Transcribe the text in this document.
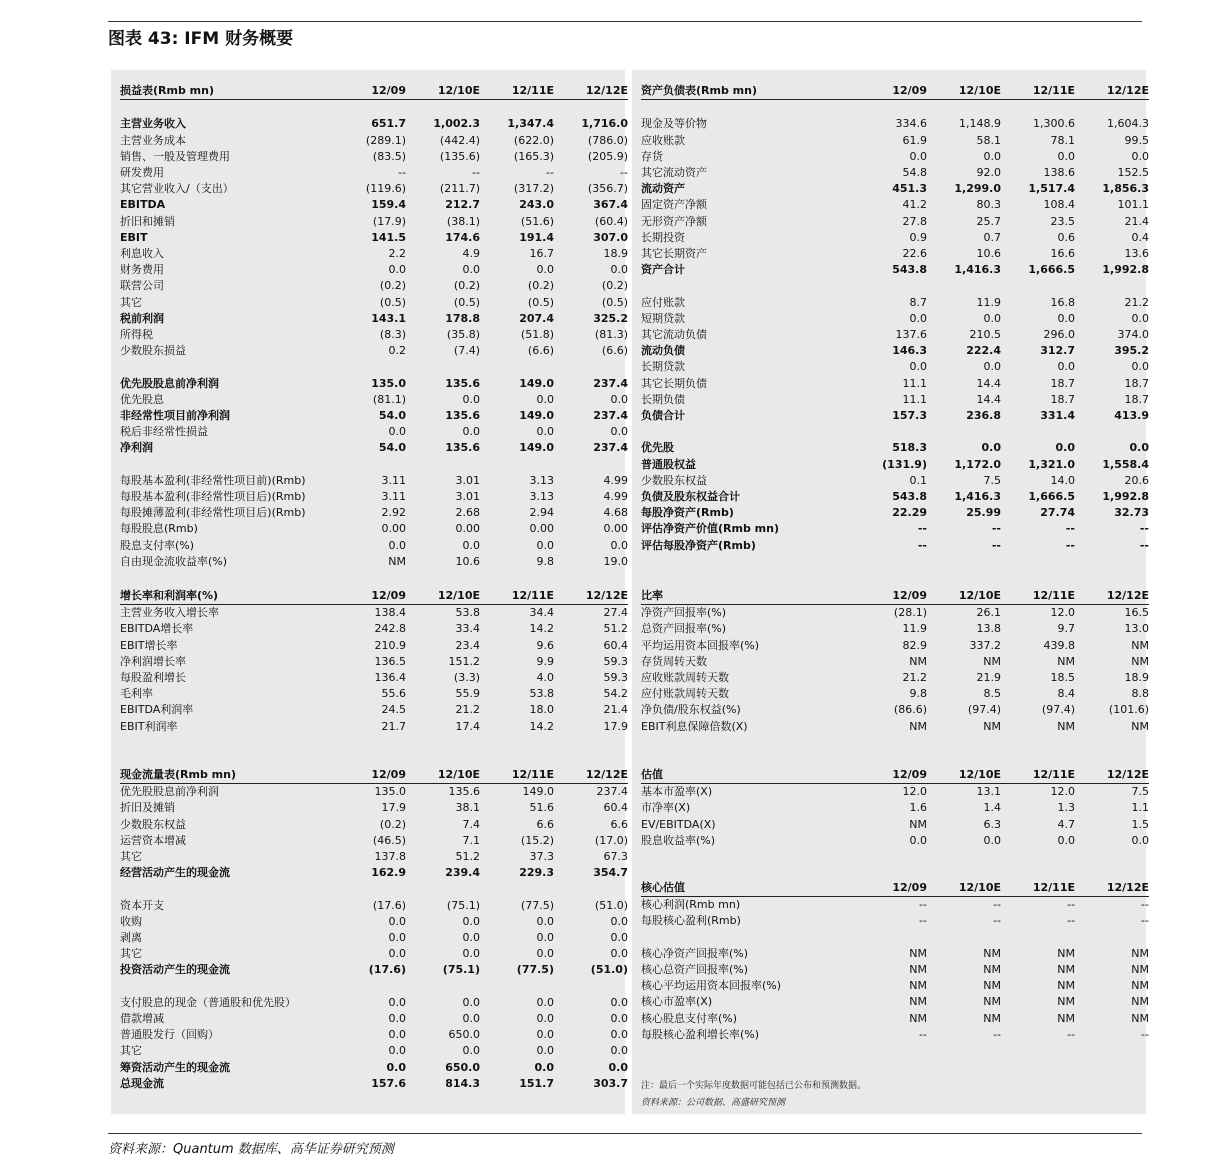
图表 43: IFM 财务概要
损益表(Rmb mn)	12/09	12/10E	12/11E	12/12E

主营业务收入	651.7	1,002.3	1,347.4	1,716.0
主营业务成本	(289.1)	(442.4)	(622.0)	(786.0)
销售、一般及管理费用	(83.5)	(135.6)	(165.3)	(205.9)
研发费用	--	--	--	--
其它营业收入/（支出）	(119.6)	(211.7)	(317.2)	(356.7)
EBITDA	159.4	212.7	243.0	367.4
折旧和摊销	(17.9)	(38.1)	(51.6)	(60.4)
EBIT	141.5	174.6	191.4	307.0
利息收入	2.2	4.9	16.7	18.9
财务费用	0.0	0.0	0.0	0.0
联营公司	(0.2)	(0.2)	(0.2)	(0.2)
其它	(0.5)	(0.5)	(0.5)	(0.5)
税前利润	143.1	178.8	207.4	325.2
所得税	(8.3)	(35.8)	(51.8)	(81.3)
少数股东损益	0.2	(7.4)	(6.6)	(6.6)

优先股股息前净利润	135.0	135.6	149.0	237.4
优先股息	(81.1)	0.0	0.0	0.0
非经常性项目前净利润	54.0	135.6	149.0	237.4
税后非经常性损益	0.0	0.0	0.0	0.0
净利润	54.0	135.6	149.0	237.4

每股基本盈利(非经常性项目前)(Rmb)	3.11	3.01	3.13	4.99
每股基本盈利(非经常性项目后)(Rmb)	3.11	3.01	3.13	4.99
每股摊薄盈利(非经常性项目后)(Rmb)	2.92	2.68	2.94	4.68
每股股息(Rmb)	0.00	0.00	0.00	0.00
股息支付率(%)	0.0	0.0	0.0	0.0
自由现金流收益率(%)	NM	10.6	9.8	19.0
增长率和利润率(%)	12/09	12/10E	12/11E	12/12E
主营业务收入增长率	138.4	53.8	34.4	27.4
EBITDA增长率	242.8	33.4	14.2	51.2
EBIT增长率	210.9	23.4	9.6	60.4
净利润增长率	136.5	151.2	9.9	59.3
每股盈利增长	136.4	(3.3)	4.0	59.3
毛利率	55.6	55.9	53.8	54.2
EBITDA利润率	24.5	21.2	18.0	21.4
EBIT利润率	21.7	17.4	14.2	17.9
现金流量表(Rmb mn)	12/09	12/10E	12/11E	12/12E
优先股股息前净利润	135.0	135.6	149.0	237.4
折旧及摊销	17.9	38.1	51.6	60.4
少数股东权益	(0.2)	7.4	6.6	6.6
运营资本增减	(46.5)	7.1	(15.2)	(17.0)
其它	137.8	51.2	37.3	67.3
经营活动产生的现金流	162.9	239.4	229.3	354.7

资本开支	(17.6)	(75.1)	(77.5)	(51.0)
收购	0.0	0.0	0.0	0.0
剥离	0.0	0.0	0.0	0.0
其它	0.0	0.0	0.0	0.0
投资活动产生的现金流	(17.6)	(75.1)	(77.5)	(51.0)

支付股息的现金（普通股和优先股）	0.0	0.0	0.0	0.0
借款增减	0.0	0.0	0.0	0.0
普通股发行（回购）	0.0	650.0	0.0	0.0
其它	0.0	0.0	0.0	0.0
筹资活动产生的现金流	0.0	650.0	0.0	0.0
总现金流	157.6	814.3	151.7	303.7
资产负债表(Rmb mn)	12/09	12/10E	12/11E	12/12E

现金及等价物	334.6	1,148.9	1,300.6	1,604.3
应收账款	61.9	58.1	78.1	99.5
存货	0.0	0.0	0.0	0.0
其它流动资产	54.8	92.0	138.6	152.5
流动资产	451.3	1,299.0	1,517.4	1,856.3
固定资产净额	41.2	80.3	108.4	101.1
无形资产净额	27.8	25.7	23.5	21.4
长期投资	0.9	0.7	0.6	0.4
其它长期资产	22.6	10.6	16.6	13.6
资产合计	543.8	1,416.3	1,666.5	1,992.8

应付账款	8.7	11.9	16.8	21.2
短期贷款	0.0	0.0	0.0	0.0
其它流动负债	137.6	210.5	296.0	374.0
流动负债	146.3	222.4	312.7	395.2
长期贷款	0.0	0.0	0.0	0.0
其它长期负债	11.1	14.4	18.7	18.7
长期负债	11.1	14.4	18.7	18.7
负债合计	157.3	236.8	331.4	413.9

优先股	518.3	0.0	0.0	0.0
普通股权益	(131.9)	1,172.0	1,321.0	1,558.4
少数股东权益	0.1	7.5	14.0	20.6
负债及股东权益合计	543.8	1,416.3	1,666.5	1,992.8
每股净资产(Rmb)	22.29	25.99	27.74	32.73
评估净资产价值(Rmb mn)	--	--	--	--
评估每股净资产(Rmb)	--	--	--	--
比率	12/09	12/10E	12/11E	12/12E
净资产回报率(%)	(28.1)	26.1	12.0	16.5
总资产回报率(%)	11.9	13.8	9.7	13.0
平均运用资本回报率(%)	82.9	337.2	439.8	NM
存货周转天数	NM	NM	NM	NM
应收账款周转天数	21.2	21.9	18.5	18.9
应付账款周转天数	9.8	8.5	8.4	8.8
净负债/股东权益(%)	(86.6)	(97.4)	(97.4)	(101.6)
EBIT利息保障倍数(X)	NM	NM	NM	NM
估值	12/09	12/10E	12/11E	12/12E
基本市盈率(X)	12.0	13.1	12.0	7.5
市净率(X)	1.6	1.4	1.3	1.1
EV/EBITDA(X)	NM	6.3	4.7	1.5
股息收益率(%)	0.0	0.0	0.0	0.0
核心估值	12/09	12/10E	12/11E	12/12E
核心利润(Rmb mn)	--	--	--	--
每股核心盈利(Rmb)	--	--	--	--

核心净资产回报率(%)	NM	NM	NM	NM
核心总资产回报率(%)	NM	NM	NM	NM
核心平均运用资本回报率(%)	NM	NM	NM	NM
核心市盈率(X)	NM	NM	NM	NM
核心股息支付率(%)	NM	NM	NM	NM
每股核心盈利增长率(%)	--	--	--	--
注：最后一个实际年度数据可能包括已公布和预测数据。
资料来源：公司数据、高盛研究预测
资料来源：Quantum 数据库、高华证券研究预测
